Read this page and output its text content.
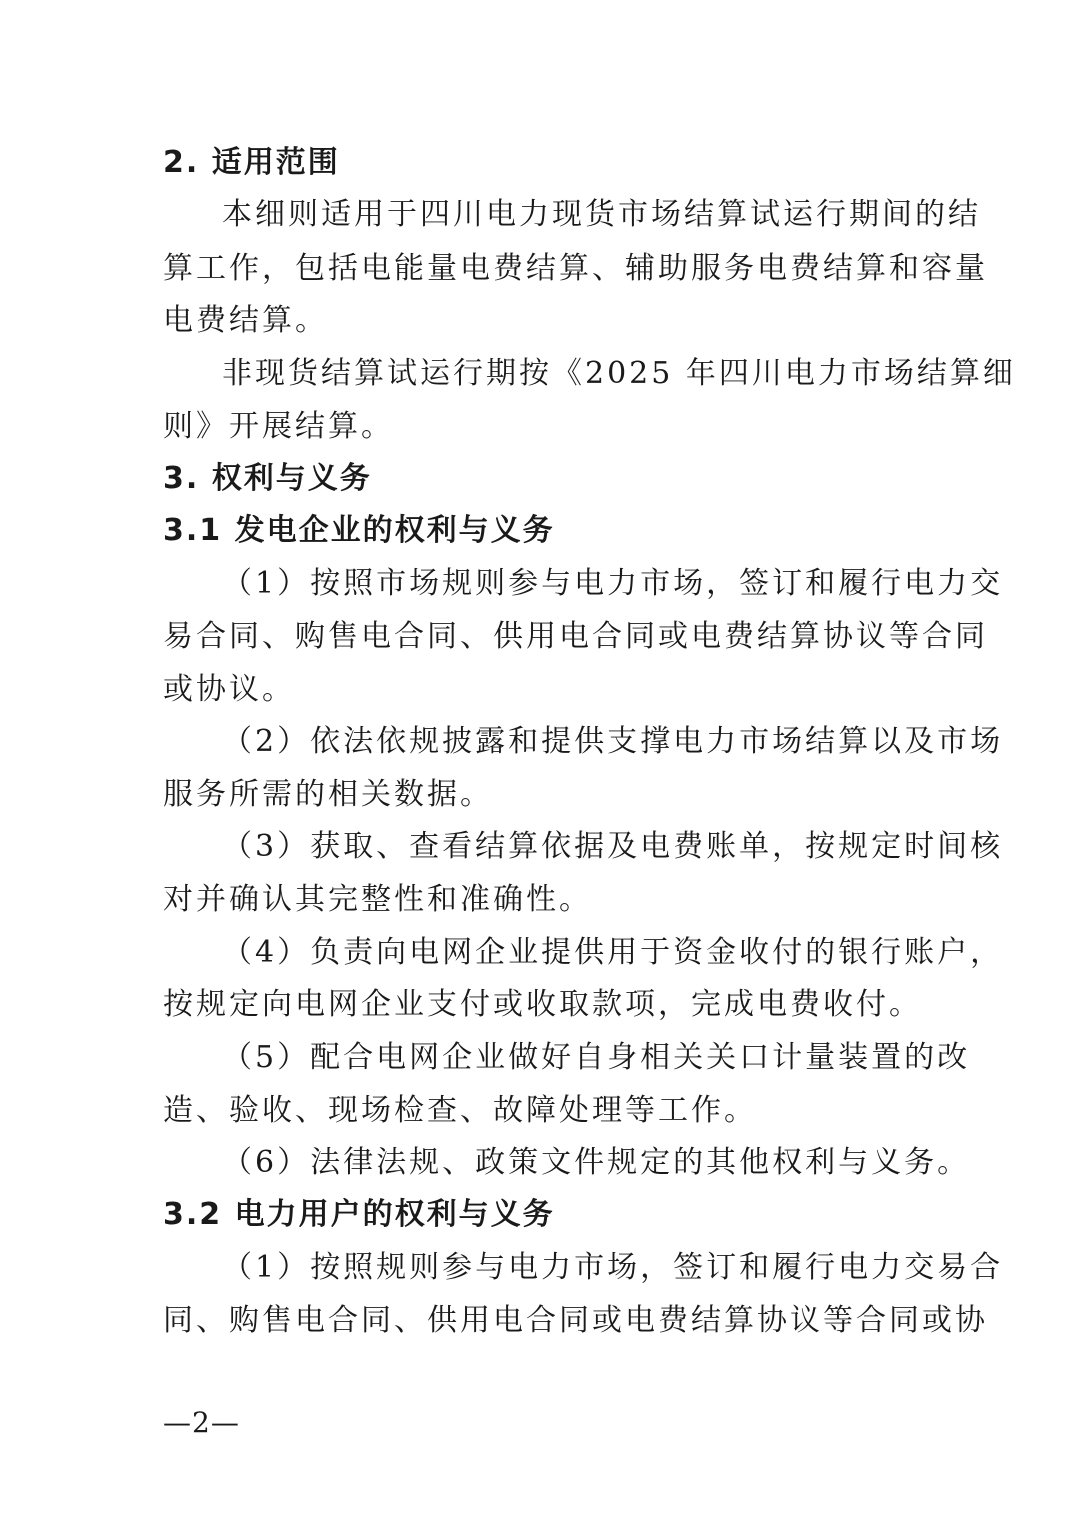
2. 适用范围
本细则适用于四川电力现货市场结算试运行期间的结
算工作，包括电能量电费结算、辅助服务电费结算和容量
电费结算。
非现货结算试运行期按《2025 年四川电力市场结算细
则》开展结算。
3. 权利与义务
3.1 发电企业的权利与义务
（1）按照市场规则参与电力市场，签订和履行电力交
易合同、购售电合同、供用电合同或电费结算协议等合同
或协议。
（2）依法依规披露和提供支撑电力市场结算以及市场
服务所需的相关数据。
（3）获取、查看结算依据及电费账单，按规定时间核
对并确认其完整性和准确性。
（4）负责向电网企业提供用于资金收付的银行账户，
按规定向电网企业支付或收取款项，完成电费收付。
（5）配合电网企业做好自身相关关口计量装置的改
造、验收、现场检查、故障处理等工作。
（6）法律法规、政策文件规定的其他权利与义务。
3.2 电力用户的权利与义务
（1）按照规则参与电力市场，签订和履行电力交易合
同、购售电合同、供用电合同或电费结算协议等合同或协
—2—
